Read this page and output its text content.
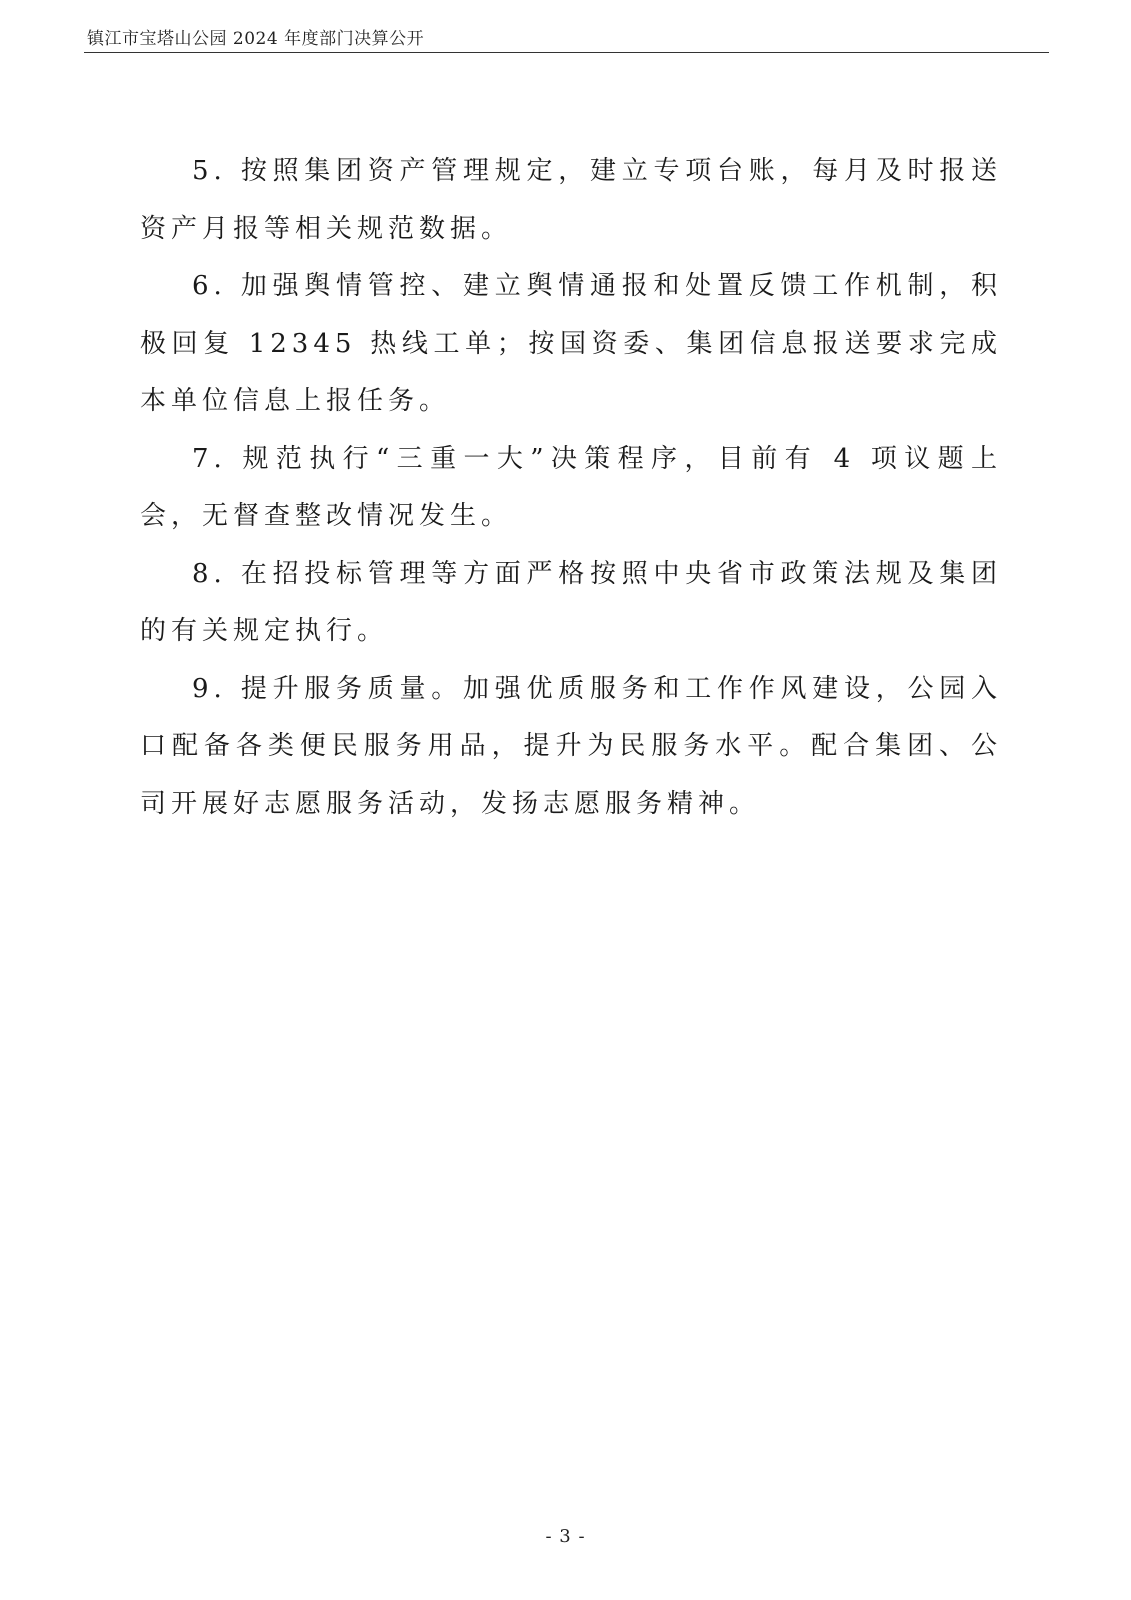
镇江市宝塔山公园 2024 年度部门决算公开

5. 按照集团资产管理规定，建立专项台账，每月及时报送资产月报等相关规范数据。

6. 加强舆情管控、建立舆情通报和处置反馈工作机制，积极回复 12345 热线工单；按国资委、集团信息报送要求完成本单位信息上报任务。

7. 规范执行“三重一大”决策程序，目前有 4 项议题上会，无督查整改情况发生。

8. 在招投标管理等方面严格按照中央省市政策法规及集团的有关规定执行。

9. 提升服务质量。加强优质服务和工作作风建设，公园入口配备各类便民服务用品，提升为民服务水平。配合集团、公司开展好志愿服务活动，发扬志愿服务精神。

- 3 -
